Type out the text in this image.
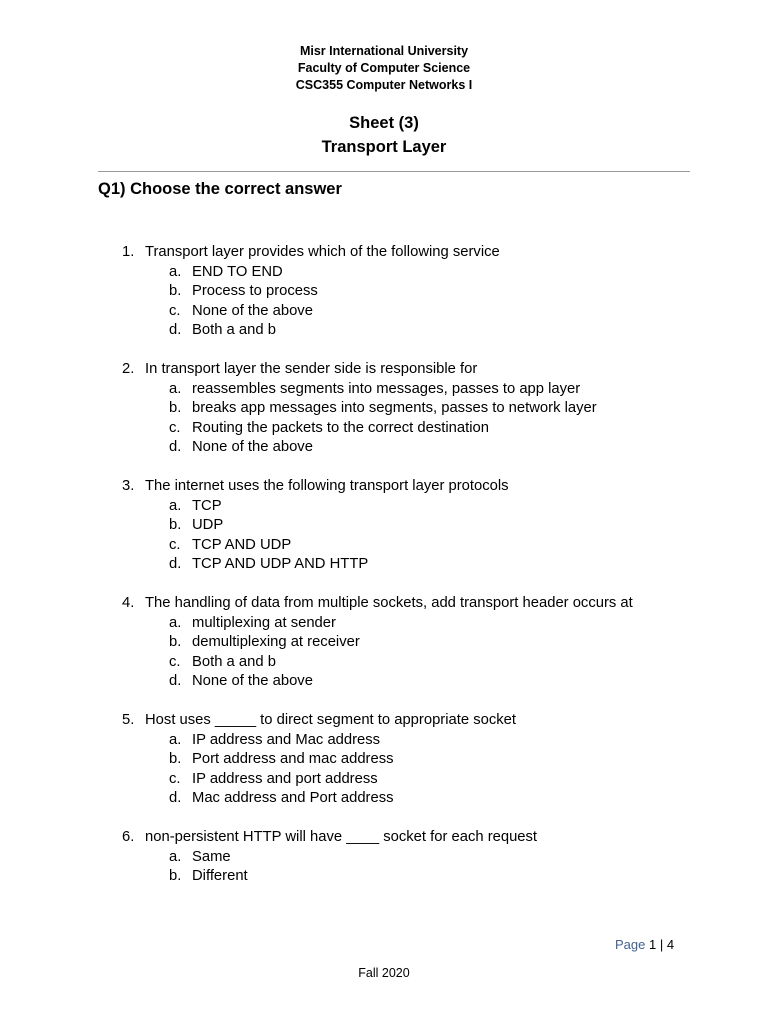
Misr International University
Faculty of Computer Science
CSC355 Computer Networks I
Sheet (3)
Transport Layer
Q1) Choose the correct answer
1. Transport layer provides which of the following service
a. END TO END
b. Process to process
c. None of the above
d. Both a and b
2. In transport layer the sender side is responsible for
a. reassembles segments into messages, passes to app layer
b. breaks app messages into segments, passes to network layer
c. Routing the packets to the correct destination
d. None of the above
3. The internet uses the following transport layer protocols
a. TCP
b. UDP
c. TCP AND UDP
d. TCP AND UDP AND HTTP
4. The handling of data from multiple sockets, add transport header occurs at
a. multiplexing at sender
b. demultiplexing at receiver
c. Both a and b
d. None of the above
5. Host uses _____ to direct segment to appropriate socket
a. IP address and Mac address
b. Port address and mac address
c. IP address and port address
d. Mac address and Port address
6. non-persistent HTTP will have ____ socket for each request
a. Same
b. Different
Page 1 | 4
Fall 2020
